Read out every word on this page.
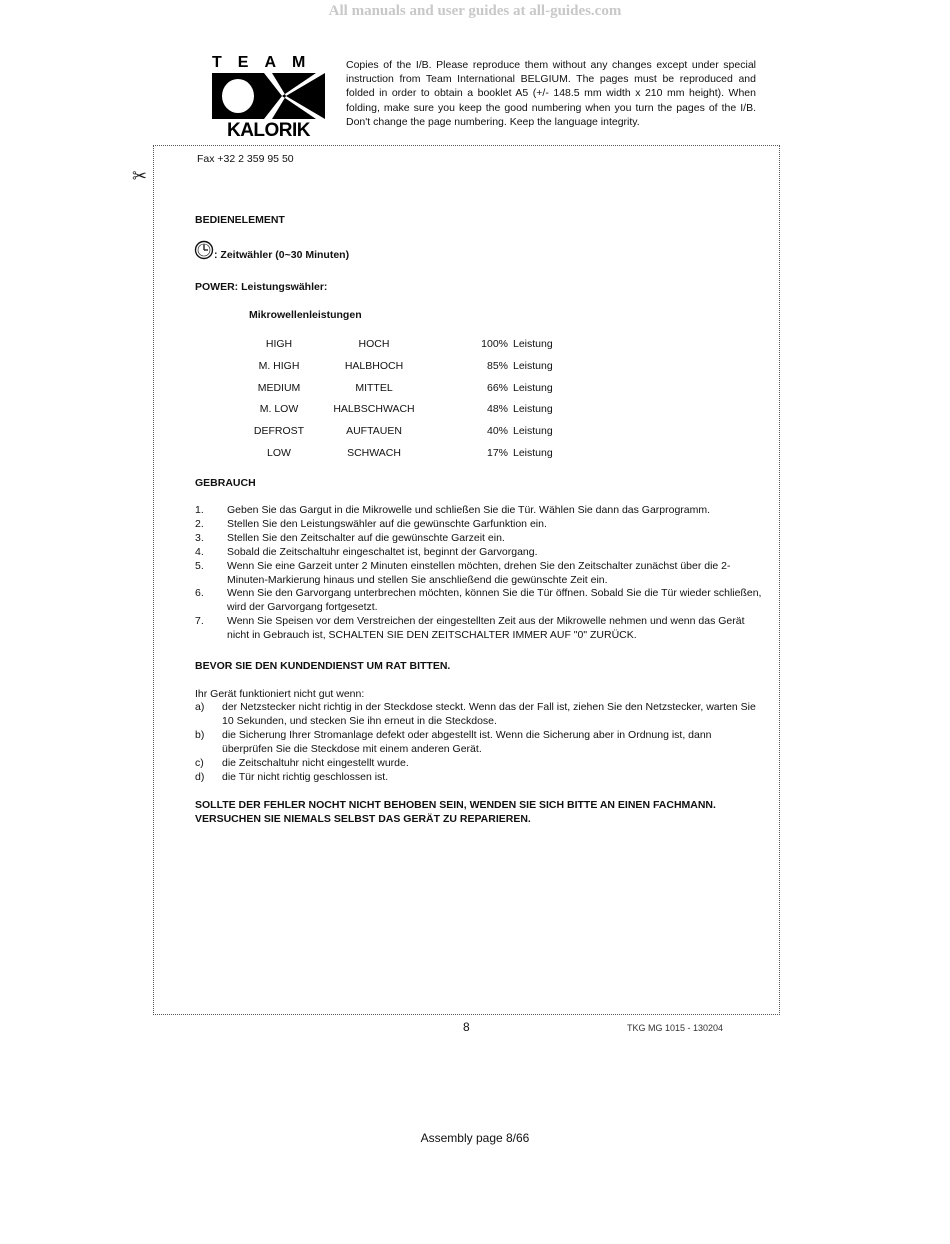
All manuals and user guides at all-guides.com
TEAM
KALORIK
Copies of the I/B. Please reproduce them without any changes except under special instruction from Team International BELGIUM. The pages must be reproduced and folded in order to obtain a booklet A5 (+/- 148.5 mm width x 210 mm height). When folding, make sure you keep the good numbering when you turn the pages of the I/B. Don't change the page numbering. Keep the language integrity.
✂
Fax +32 2 359 95 50
BEDIENELEMENT
: Zeitwähler (0~30 Minuten)
POWER: Leistungswähler:
Mikrowellenleistungen
HIGH	HOCH	100% Leistung
M. HIGH	HALBHOCH	85% Leistung
MEDIUM	MITTEL	66% Leistung
M. LOW	HALBSCHWACH	48% Leistung
DEFROST	AUFTAUEN	40% Leistung
LOW	SCHWACH	17% Leistung
GEBRAUCH
1. Geben Sie das Gargut in die Mikrowelle und schließen Sie die Tür. Wählen Sie dann das Garprogramm.
2. Stellen Sie den Leistungswähler auf die gewünschte Garfunktion ein.
3. Stellen Sie den Zeitschalter auf die gewünschte Garzeit ein.
4. Sobald die Zeitschaltuhr eingeschaltet ist, beginnt der Garvorgang.
5. Wenn Sie eine Garzeit unter 2 Minuten einstellen möchten, drehen Sie den Zeitschalter zunächst über die 2-Minuten-Markierung hinaus und stellen Sie anschließend die gewünschte Zeit ein.
6. Wenn Sie den Garvorgang unterbrechen möchten, können Sie die Tür öffnen. Sobald Sie die Tür wieder schließen, wird der Garvorgang fortgesetzt.
7. Wenn Sie Speisen vor dem Verstreichen der eingestellten Zeit aus der Mikrowelle nehmen und wenn das Gerät nicht in Gebrauch ist, SCHALTEN SIE DEN ZEITSCHALTER IMMER AUF "0" ZURÜCK.
BEVOR SIE DEN KUNDENDIENST UM RAT BITTEN.
Ihr Gerät funktioniert nicht gut wenn:
a) der Netzstecker nicht richtig in der Steckdose steckt. Wenn das der Fall ist, ziehen Sie den Netzstecker, warten Sie 10 Sekunden, und stecken Sie ihn erneut in die Steckdose.
b) die Sicherung Ihrer Stromanlage defekt oder abgestellt ist. Wenn die Sicherung aber in Ordnung ist, dann überprüfen Sie die Steckdose mit einem anderen Gerät.
c) die Zeitschaltuhr nicht eingestellt wurde.
d) die Tür nicht richtig geschlossen ist.
SOLLTE DER FEHLER NOCHT NICHT BEHOBEN SEIN, WENDEN SIE SICH BITTE AN EINEN FACHMANN.
VERSUCHEN SIE NIEMALS SELBST DAS GERÄT ZU REPARIEREN.
8	TKG MG 1015 - 130204
Assembly page 8/66
